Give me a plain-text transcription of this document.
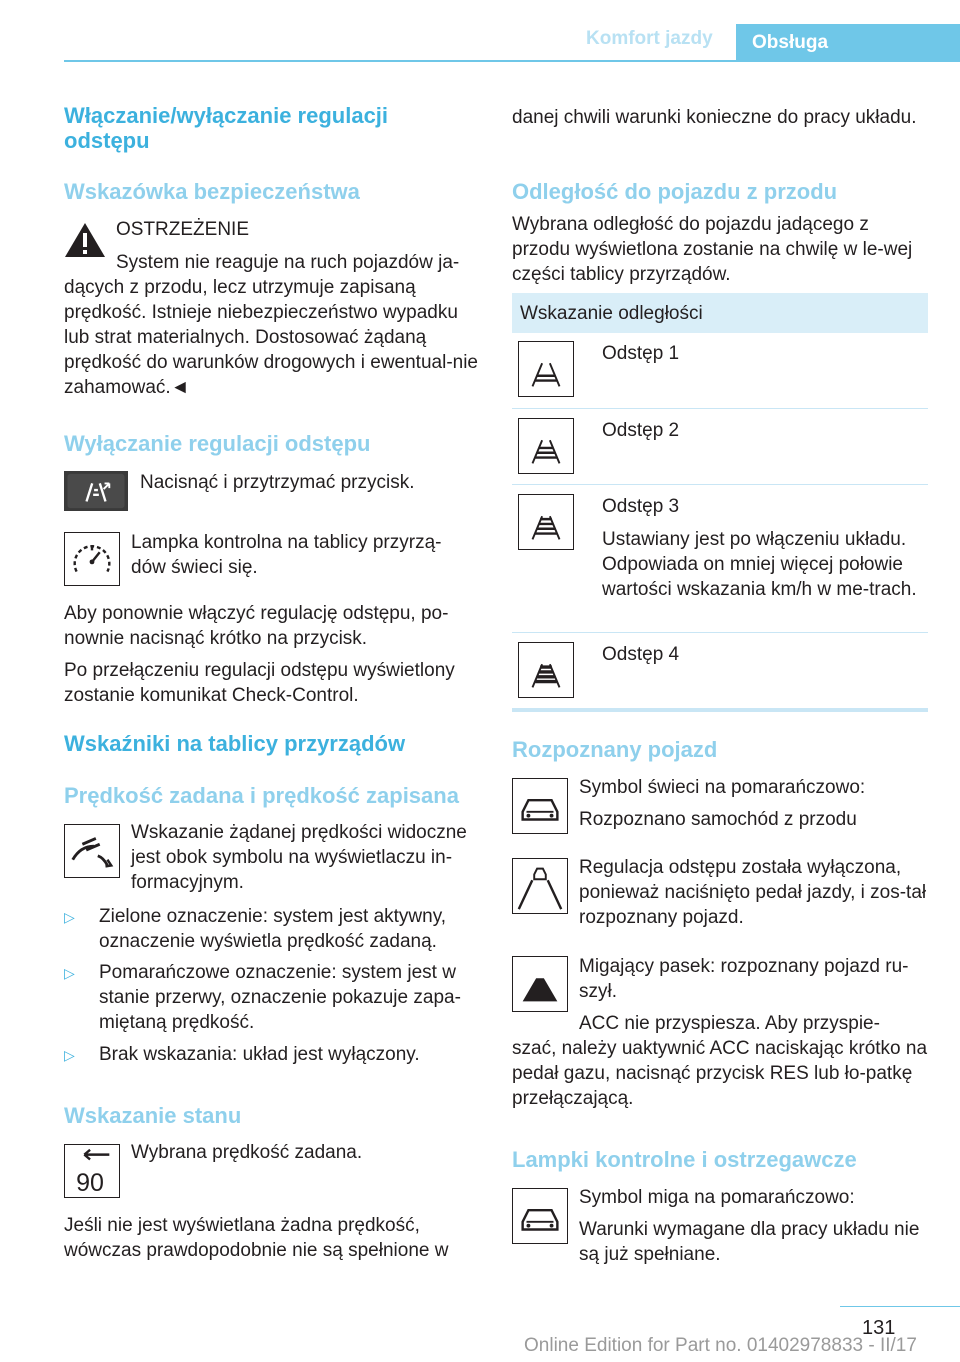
Komfort jazdy	Obsługa
Włączanie/wyłączanie regulacji odstępu
Wskazówka bezpieczeństwa

OSTRZEŻENIE

System nie reaguje na ruch pojazdów ja-

dących z przodu, lecz utrzymuje zapisaną prędkość. Istnieje niebezpieczeństwo wypadku lub strat materialnych. Dostosować żądaną prędkość do warunków drogowych i ewentual-nie zahamować.◄

Wyłączanie regulacji odstępu

Nacisnąć i przytrzymać przycisk.

Lampka kontrolna na tablicy przyrzą-dów świeci się.

Aby ponownie włączyć regulację odstępu, po-nownie nacisnąć krótko na przycisk.

Po przełączeniu regulacji odstępu wyświetlony zostanie komunikat Check-Control.

Wskaźniki na tablicy przyrządów
Prędkość zadana i prędkość zapisana

Wskazanie żądanej prędkości widoczne jest obok symbolu na wyświetlaczu in-formacyjnym.

▷ Zielone oznaczenie: system jest aktywny, oznaczenie wyświetla prędkość zadaną.

▷ Pomarańczowe oznaczenie: system jest w stanie przerwy, oznaczenie pokazuje zapa-miętaną prędkość.

▷ Brak wskazania: układ jest wyłączony.

Wskazanie stanu
90

Wybrana prędkość zadana.

Jeśli nie jest wyświetlana żadna prędkość, wówczas prawdopodobnie nie są spełnione w

danej chwili warunki konieczne do pracy układu.

Odległość do pojazdu z przodu

Wybrana odległość do pojazdu jadącego z przodu wyświetlona zostanie na chwilę w le-wej części tablicy przyrządów.

Wskazanie odległości

Odstęp 1

Odstęp 2

Odstęp 3

Ustawiany jest po włączeniu układu. Odpowiada on mniej więcej połowie wartości wskazania km/h w me-trach.

Odstęp 4

Rozpoznany pojazd

Symbol świeci na pomarańczowo:

Rozpoznano samochód z przodu

Regulacja odstępu została wyłączona, ponieważ naciśnięto pedał jazdy, i zos-tał rozpoznany pojazd.

Migający pasek: rozpoznany pojazd ru-szył.

ACC nie przyspiesza. Aby przyspie-

szać, należy uaktywnić ACC naciskając krótko na pedał gazu, nacisnąć przycisk RES lub ło-patkę przełączającą.

Lampki kontrolne i ostrzegawcze

Symbol miga na pomarańczowo:

Warunki wymagane dla pracy układu nie są już spełniane.

131
Online Edition for Part no. 01402978833 - II/17
